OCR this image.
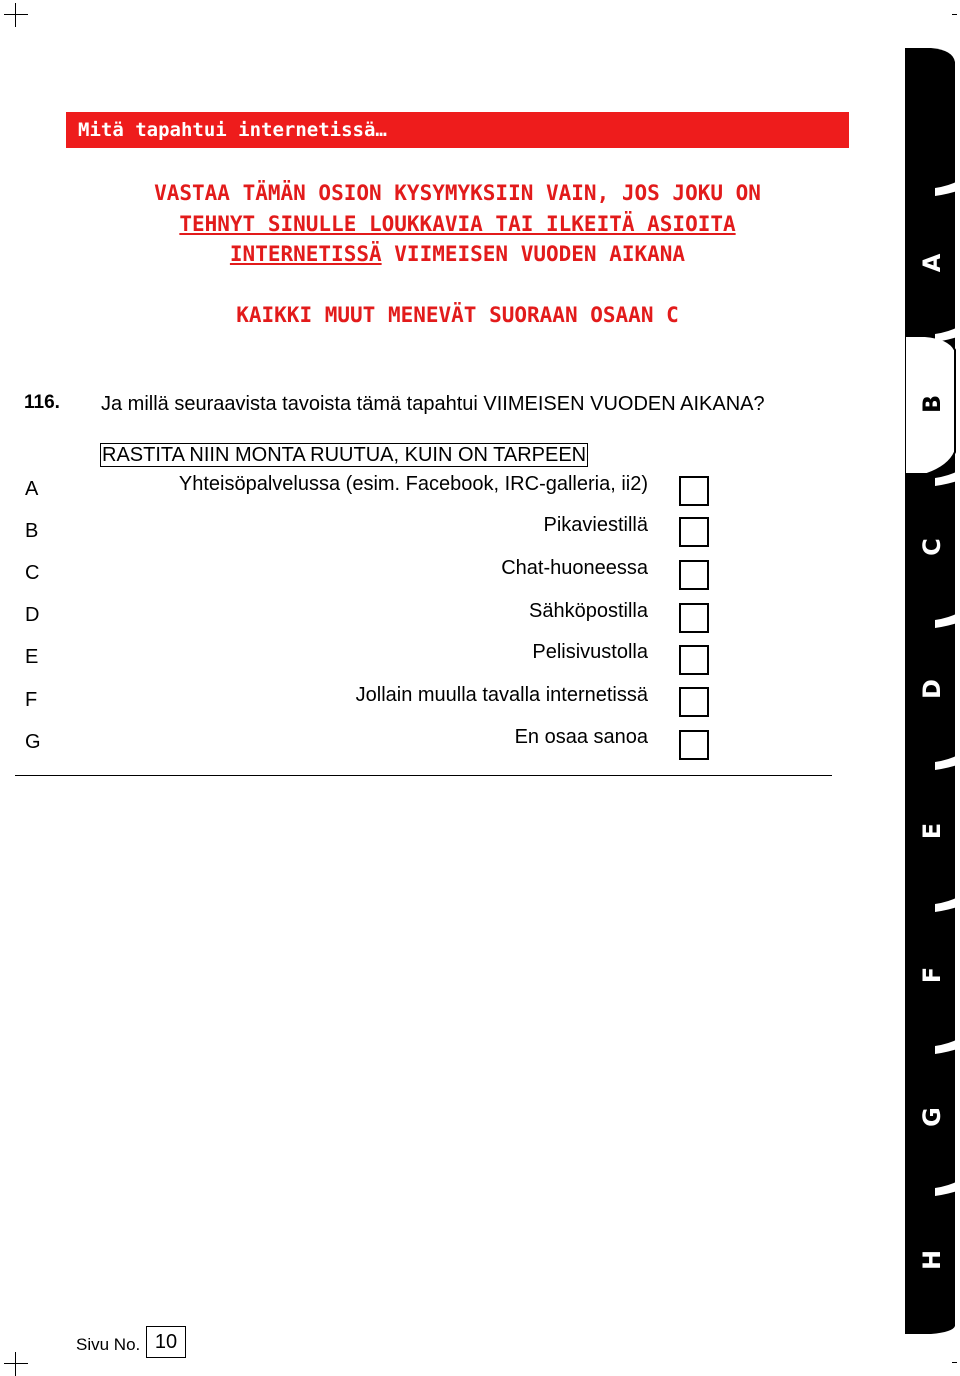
Mitä tapahtui internetissä…
VASTAA TÄMÄN OSION KYSYMYKSIIN VAIN, JOS JOKU ON
TEHNYT SINULLE LOUKKAVIA TAI ILKEITÄ ASIOITA
INTERNETISSÄ VIIMEISEN VUODEN AIKANA
KAIKKI MUUT MENEVÄT SUORAAN OSAAN C
116. Ja millä seuraavista tavoista tämä tapahtui VIIMEISEN VUODEN AIKANA?
RASTITA NIIN MONTA RUUTUA, KUIN ON TARPEEN
A	Yhteisöpalvelussa (esim. Facebook, IRC-galleria, ii2)
B	Pikaviestillä
C	Chat-huoneessa
D	Sähköpostilla
E	Pelisivustolla
F	Jollain muulla tavalla internetissä
G	En osaa sanoa
A
B
C
D
E
F
G
H
Sivu No. 10
